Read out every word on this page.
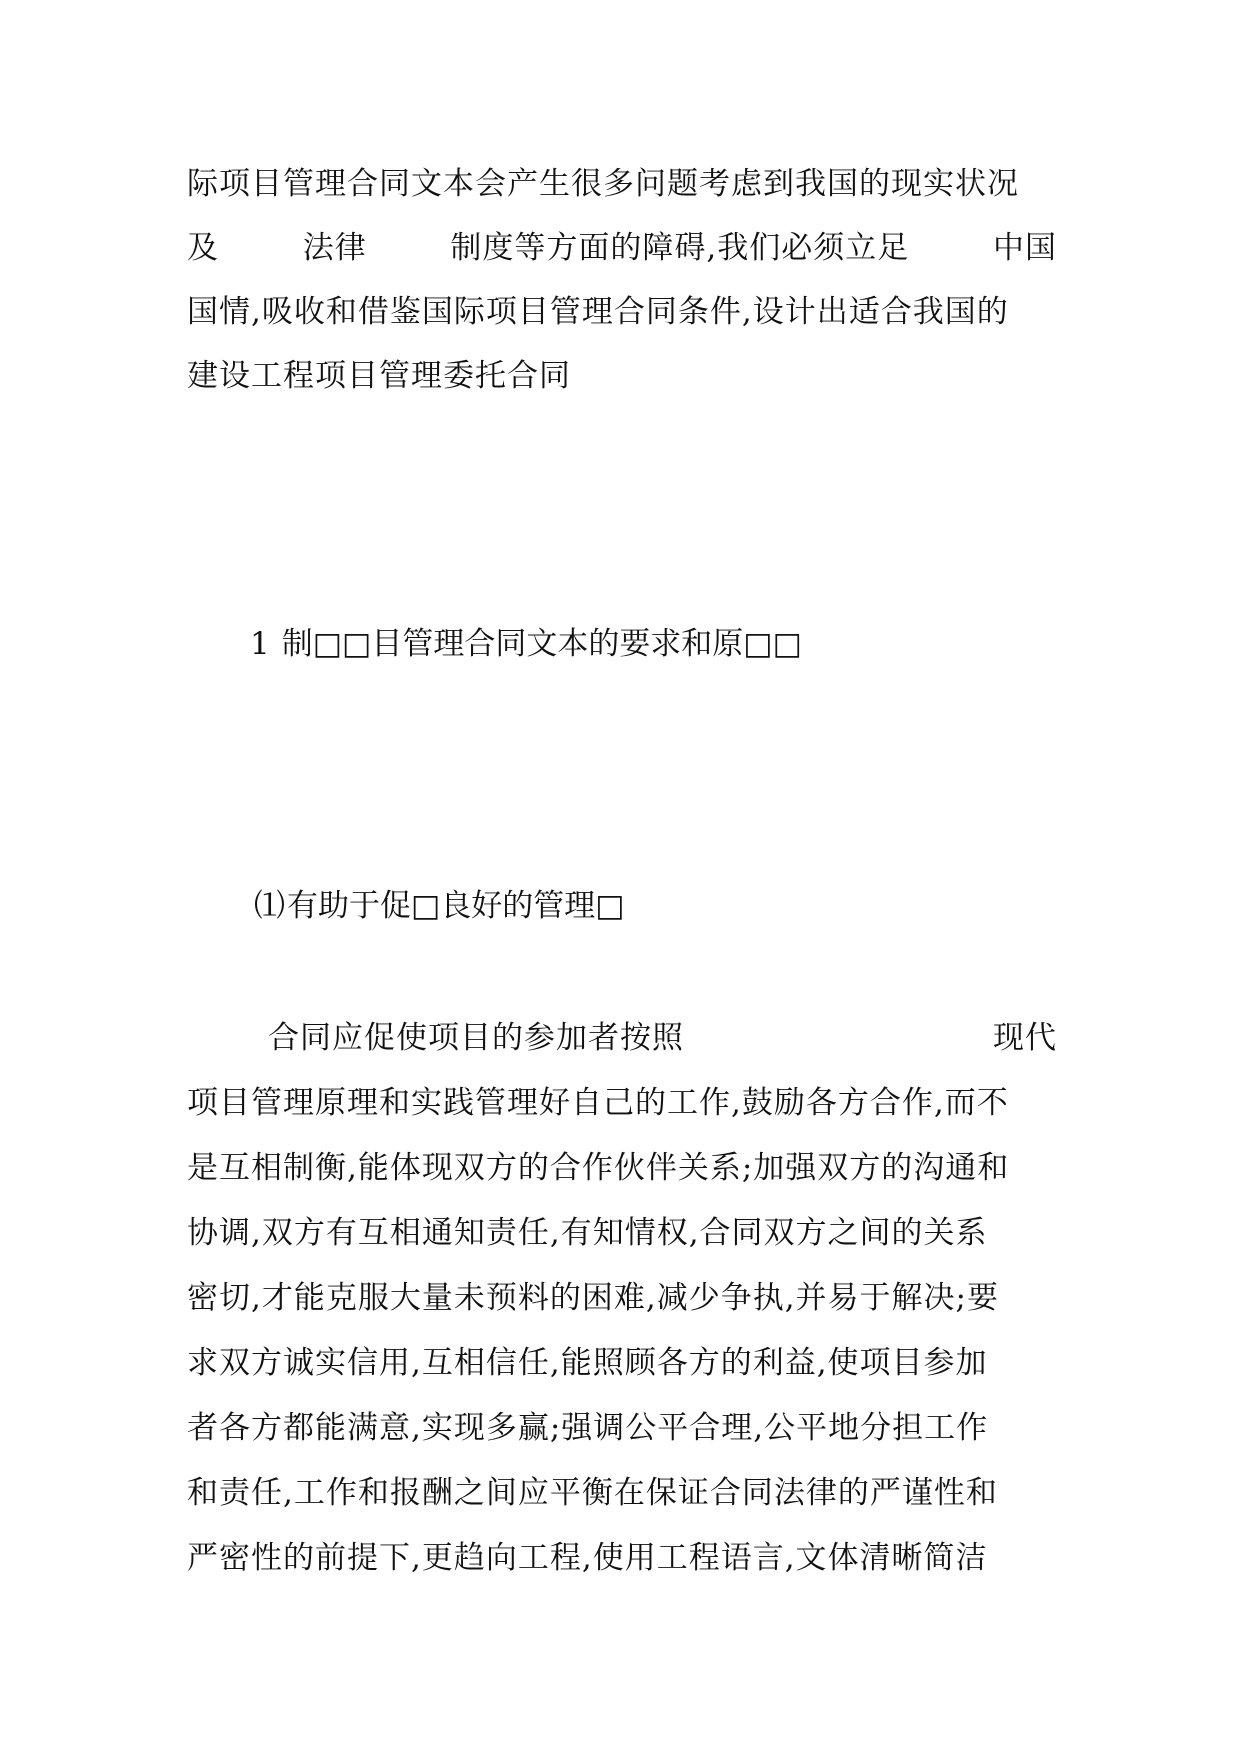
际项目管理合同文本会产生很多问题考虑到我国的现实状况
及	法律	制度等方面的障碍,我们必须立足	中国
国情,吸收和借鉴国际项目管理合同条件,设计出适合我国的
建设工程项目管理委托合同
1 制□□目管理合同文本的要求和原□□
⑴有助于促□良好的管理□
合同应促使项目的参加者按照	现代
项目管理原理和实践管理好自己的工作,鼓励各方合作,而不
是互相制衡,能体现双方的合作伙伴关系;加强双方的沟通和
协调,双方有互相通知责任,有知情权,合同双方之间的关系
密切,才能克服大量未预料的困难,减少争执,并易于解决;要
求双方诚实信用,互相信任,能照顾各方的利益,使项目参加
者各方都能满意,实现多赢;强调公平合理,公平地分担工作
和责任,工作和报酬之间应平衡在保证合同法律的严谨性和
严密性的前提下,更趋向工程,使用工程语言,文体清晰简洁
